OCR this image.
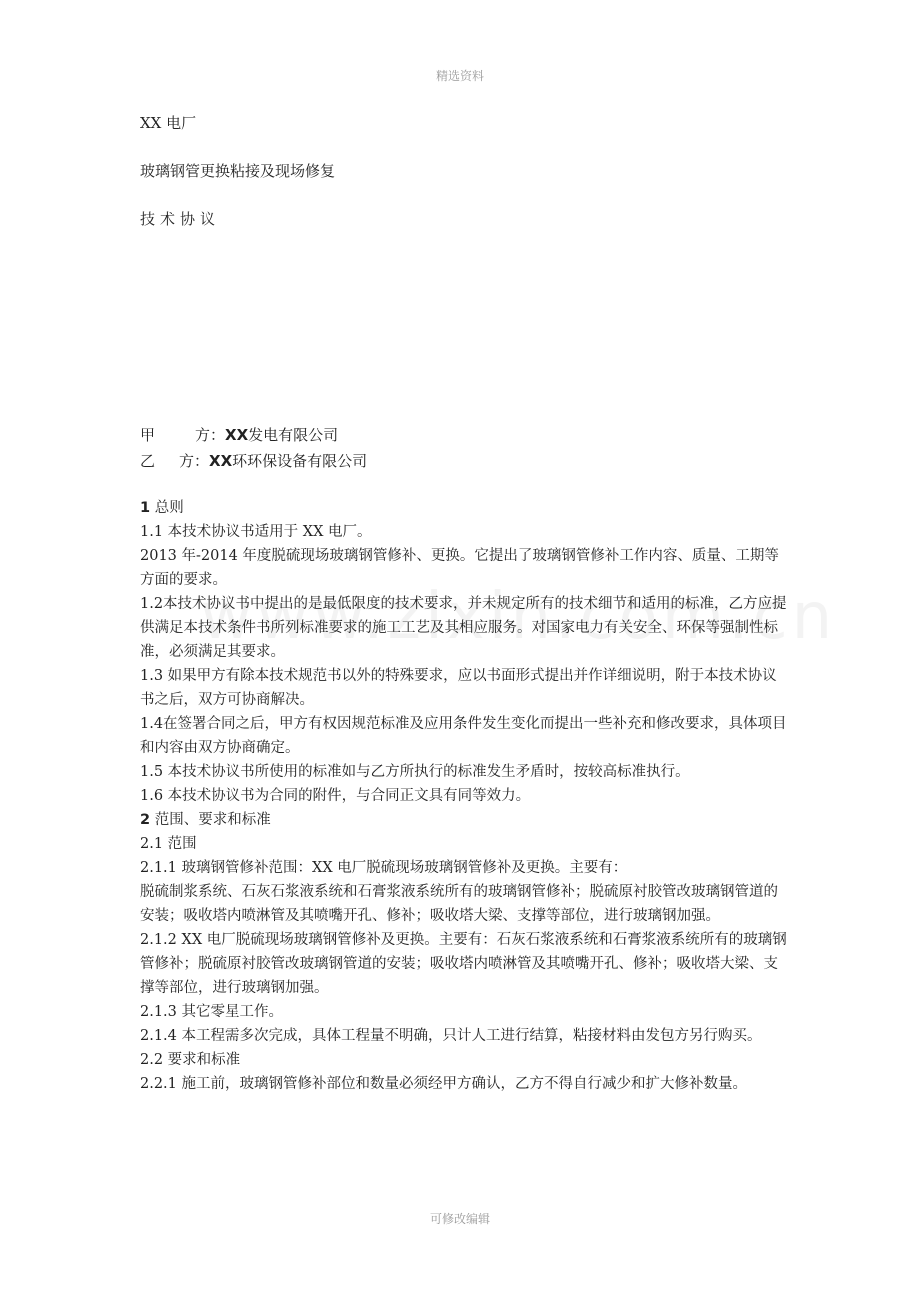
精选资料
XX 电厂
玻璃钢管更换粘接及现场修复
技术协议
甲	方：XX发电有限公司
乙 方：XX环环保设备有限公司

1 总则

1.1 本技术协议书适用于 XX 电厂。

2013 年-2014 年度脱硫现场玻璃钢管修补、更换。它提出了玻璃钢管修补工作内容、质量、工期等方面的要求。

1.2本技术协议书中提出的是最低限度的技术要求，并未规定所有的技术细节和适用的标准，乙方应提供满足本技术条件书所列标准要求的施工工艺及其相应服务。对国家电力有关安全、环保等强制性标准，必须满足其要求。

1.3 如果甲方有除本技术规范书以外的特殊要求，应以书面形式提出并作详细说明，附于本技术协议书之后，双方可协商解决。

1.4在签署合同之后，甲方有权因规范标准及应用条件发生变化而提出一些补充和修改要求，具体项目和内容由双方协商确定。

1.5 本技术协议书所使用的标准如与乙方所执行的标准发生矛盾时，按较高标准执行。

1.6 本技术协议书为合同的附件，与合同正文具有同等效力。

2 范围、要求和标准

2.1 范围

2.1.1 玻璃钢管修补范围：XX 电厂脱硫现场玻璃钢管修补及更换。主要有：

脱硫制浆系统、石灰石浆液系统和石膏浆液系统所有的玻璃钢管修补；脱硫原衬胶管改玻璃钢管道的安装；吸收塔内喷淋管及其喷嘴开孔、修补；吸收塔大梁、支撑等部位，进行玻璃钢加强。

2.1.2 XX 电厂脱硫现场玻璃钢管修补及更换。主要有：石灰石浆液系统和石膏浆液系统所有的玻璃钢管修补；脱硫原衬胶管改玻璃钢管道的安装；吸收塔内喷淋管及其喷嘴开孔、修补；吸收塔大梁、支撑等部位，进行玻璃钢加强。

2.1.3 其它零星工作。

2.1.4 本工程需多次完成，具体工程量不明确，只计人工进行结算，粘接材料由发包方另行购买。

2.2 要求和标准

2.2.1 施工前，玻璃钢管修补部位和数量必须经甲方确认，乙方不得自行减少和扩大修补数量。

可修改编辑
